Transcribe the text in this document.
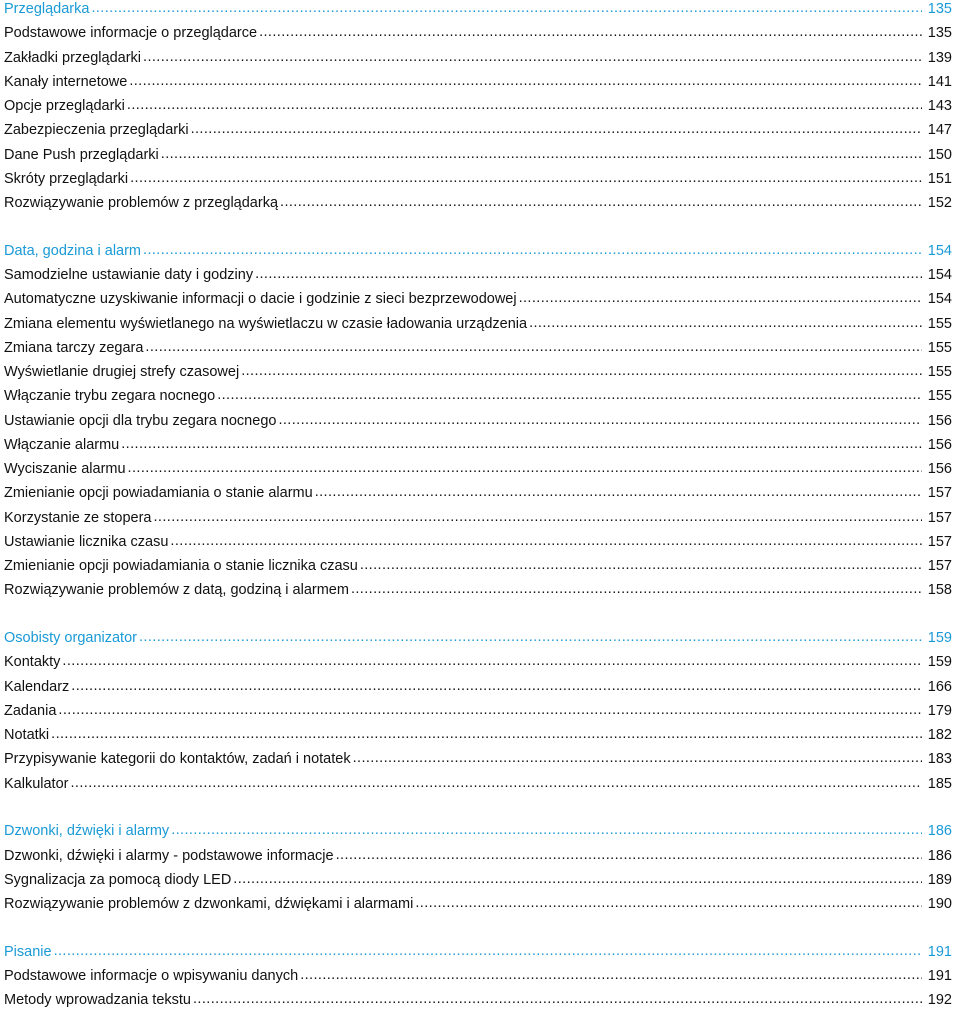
Przeglądarka .....	135
Podstawowe informacje o przeglądarce .....	135
Zakładki przeglądarki .....	139
Kanały internetowe .....	141
Opcje przeglądarki .....	143
Zabezpieczenia przeglądarki .....	147
Dane Push przeglądarki .....	150
Skróty przeglądarki .....	151
Rozwiązywanie problemów z przeglądarką .....	152
Data, godzina i alarm .....	154
Samodzielne ustawianie daty i godziny .....	154
Automatyczne uzyskiwanie informacji o dacie i godzinie z sieci bezprzewodowej .....	154
Zmiana elementu wyświetlanego na wyświetlaczu w czasie ładowania urządzenia .....	155
Zmiana tarczy zegara .....	155
Wyświetlanie drugiej strefy czasowej .....	155
Włączanie trybu zegara nocnego .....	155
Ustawianie opcji dla trybu zegara nocnego .....	156
Włączanie alarmu .....	156
Wyciszanie alarmu .....	156
Zmienianie opcji powiadamiania o stanie alarmu .....	157
Korzystanie ze stopera .....	157
Ustawianie licznika czasu .....	157
Zmienianie opcji powiadamiania o stanie licznika czasu .....	157
Rozwiązywanie problemów z datą, godziną i alarmem .....	158
Osobisty organizator .....	159
Kontakty .....	159
Kalendarz .....	166
Zadania .....	179
Notatki .....	182
Przypisywanie kategorii do kontaktów, zadań i notatek .....	183
Kalkulator .....	185
Dzwonki, dźwięki i alarmy .....	186
Dzwonki, dźwięki i alarmy - podstawowe informacje .....	186
Sygnalizacja za pomocą diody LED .....	189
Rozwiązywanie problemów z dzwonkami, dźwiękami i alarmami .....	190
Pisanie .....	191
Podstawowe informacje o wpisywaniu danych .....	191
Metody wprowadzania tekstu .....	192
